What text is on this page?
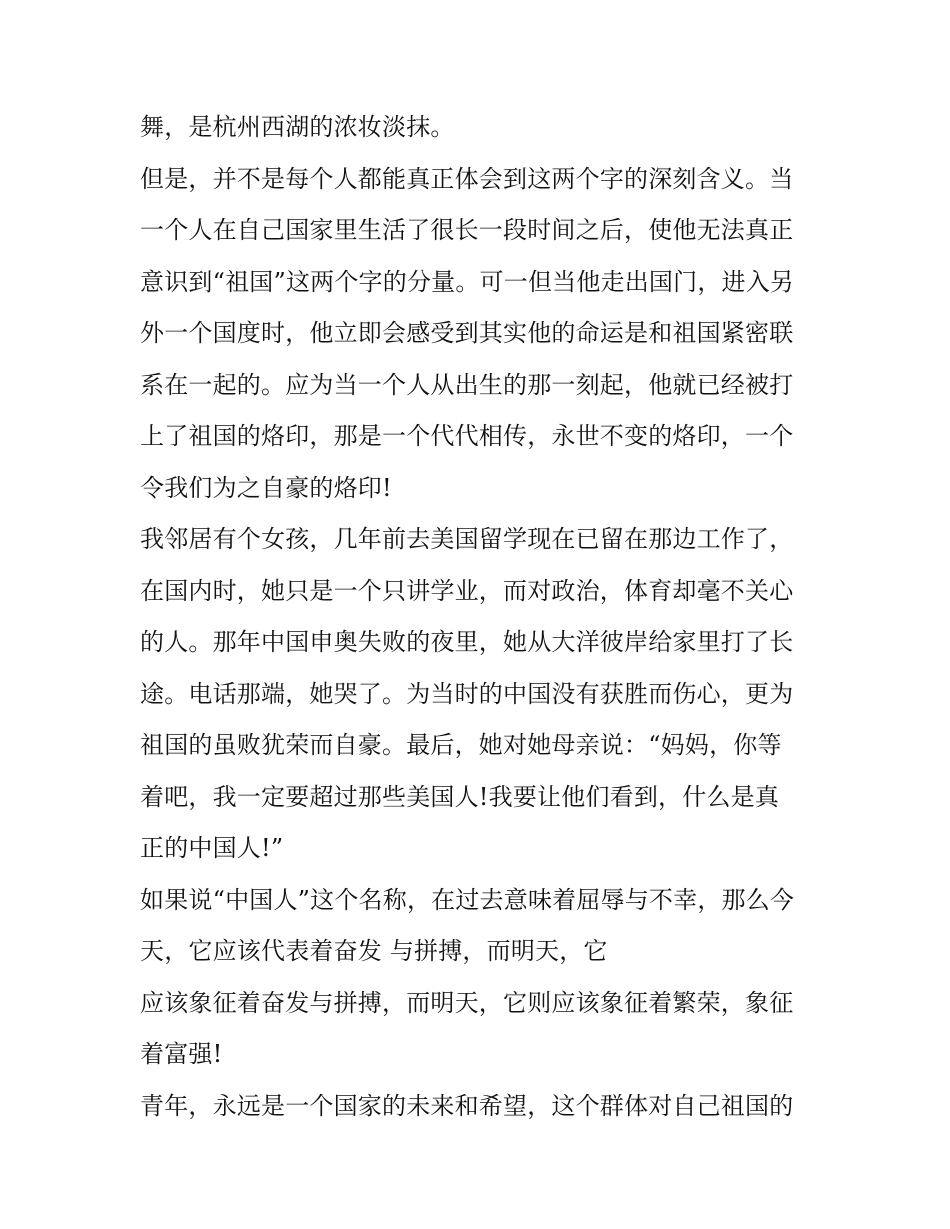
舞，是杭州西湖的浓妆淡抹。
但是，并不是每个人都能真正体会到这两个字的深刻含义。当
一个人在自己国家里生活了很长一段时间之后，使他无法真正
意识到“祖国”这两个字的分量。可一但当他走出国门，进入另
外一个国度时，他立即会感受到其实他的命运是和祖国紧密联
系在一起的。应为当一个人从出生的那一刻起，他就已经被打
上了祖国的烙印，那是一个代代相传，永世不变的烙印，一个
令我们为之自豪的烙印!
我邻居有个女孩，几年前去美国留学现在已留在那边工作了，
在国内时，她只是一个只讲学业，而对政治，体育却毫不关心
的人。那年中国申奥失败的夜里，她从大洋彼岸给家里打了长
途。电话那端，她哭了。为当时的中国没有获胜而伤心，更为
祖国的虽败犹荣而自豪。最后，她对她母亲说：“妈妈，你等
着吧，我一定要超过那些美国人!我要让他们看到，什么是真
正的中国人!”
如果说“中国人”这个名称，在过去意味着屈辱与不幸，那么今
天，它应该代表着奋发 与拼搏，而明天，它
应该象征着奋发与拼搏，而明天，它则应该象征着繁荣，象征
着富强!
青年，永远是一个国家的未来和希望，这个群体对自己祖国的
